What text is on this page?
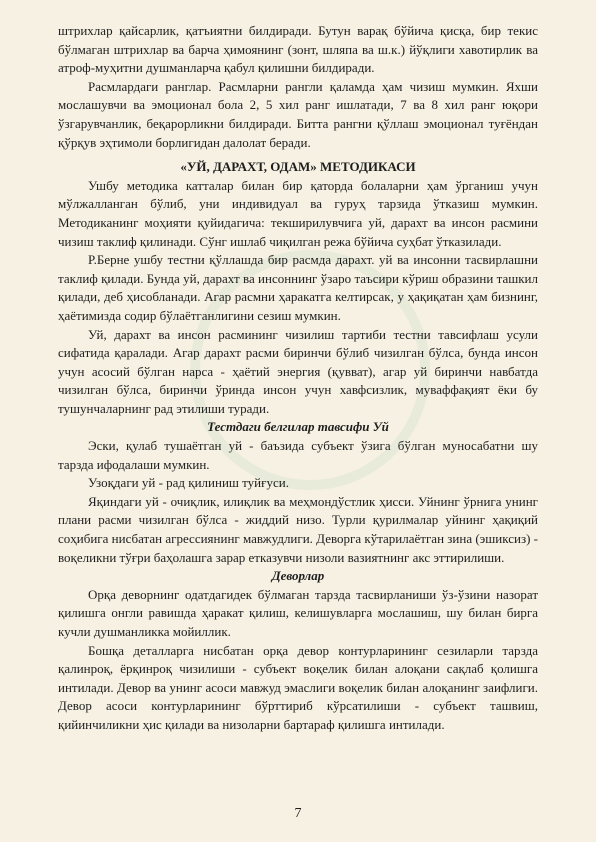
штрихлар қайсарлик, қатъиятни билдиради. Бутун варақ бўйича қисқа, бир текис бўлмаган штрихлар ва барча ҳимоянинг (зонт, шляпа ва ш.к.) йўқлиги хавотирлик ва атроф-муҳитни душманларча қабул қилишни билдиради.

Расмлардаги ранглар. Расмларни рангли қаламда ҳам чизиш мумкин. Яхши мослашувчи ва эмоционал бола 2, 5 хил ранг ишлатади, 7 ва 8 хил ранг юқори ўзгарувчанлик, беқарорликни билдиради. Битта рангни қўллаш эмоционал туғёндан қўрқув эҳтимоли борлигидан далолат беради.

«УЙ, ДАРАХТ, ОДАМ» МЕТОДИКАСИ

Ушбу методика катталар билан бир қаторда болаларни ҳам ўрганиш учун мўлжалланган бўлиб, уни индивидуал ва гуруҳ тарзида ўтказиш мумкин. Методиканинг моҳияти қуйидагича: текширилувчига уй, дарахт ва инсон расмини чизиш таклиф қилинади. Сўнг ишлаб чиқилган режа бўйича суҳбат ўтказилади.

Р.Берне ушбу тестни қўллашда бир расмда дарахт. уй ва инсонни тасвирлашни таклиф қилади. Бунда уй, дарахт ва инсоннинг ўзаро таъсири кўриш образини ташкил қилади, деб ҳисобланади. Агар расмни ҳаракатга келтирсак, у ҳақиқатан ҳам бизнинг, ҳаётимизда содир бўлаётганлигини сезиш мумкин.

Уй, дарахт ва инсон расмининг чизилиш тартиби тестни тавсифлаш усули сифатида қаралади. Агар дарахт расми биринчи бўлиб чизилган бўлса, бунда инсон учун асосий бўлган нарса - ҳаётий энергия (қувват), агар уй биринчи навбатда чизилган бўлса, биринчи ўринда инсон учун хавфсизлик, муваффақият ёки бу тушунчаларнинг рад этилиши туради.

Тестдаги белгилар тавсифи Уй

Эски, қулаб тушаётган уй - баъзида субъект ўзига бўлган муносабатни шу тарзда ифодалаши мумкин.

Узоқдаги уй - рад қилиниш туйғуси.

Яқиндаги уй - очиқлик, илиқлик ва меҳмондўстлик ҳисси. Уйнинг ўрнига унинг плани расми чизилган бўлса - жиддий низо. Турли қурилмалар уйнинг ҳақиқий соҳибига нисбатан агрессиянинг мавжудлиги. Деворга кўтарилаётган зина (эшиксиз) - воқеликни тўғри баҳолашга зарар етказувчи низоли вазиятнинг акс эттирилиши.

Деворлар

Орқа деворнинг одатдагидек бўлмаган тарзда тасвирланиши ўз-ўзини назорат қилишга онгли равишда ҳаракат қилиш, келишувларга мослашиш, шу билан бирга кучли душманликка мойиллик.

Бошқа деталларга нисбатан орқа девор контурларининг сезиларли тарзда қалинроқ, ёрқинроқ чизилиши - субъект воқелик билан алоқани сақлаб қолишга интилади. Девор ва унинг асоси мавжуд эмаслиги воқелик билан алоқанинг заифлиги. Девор асоси контурларининг бўрттириб кўрсатилиши - субъект ташвиш, қийинчиликни ҳис қилади ва низоларни бартараф қилишга интилади.

7
